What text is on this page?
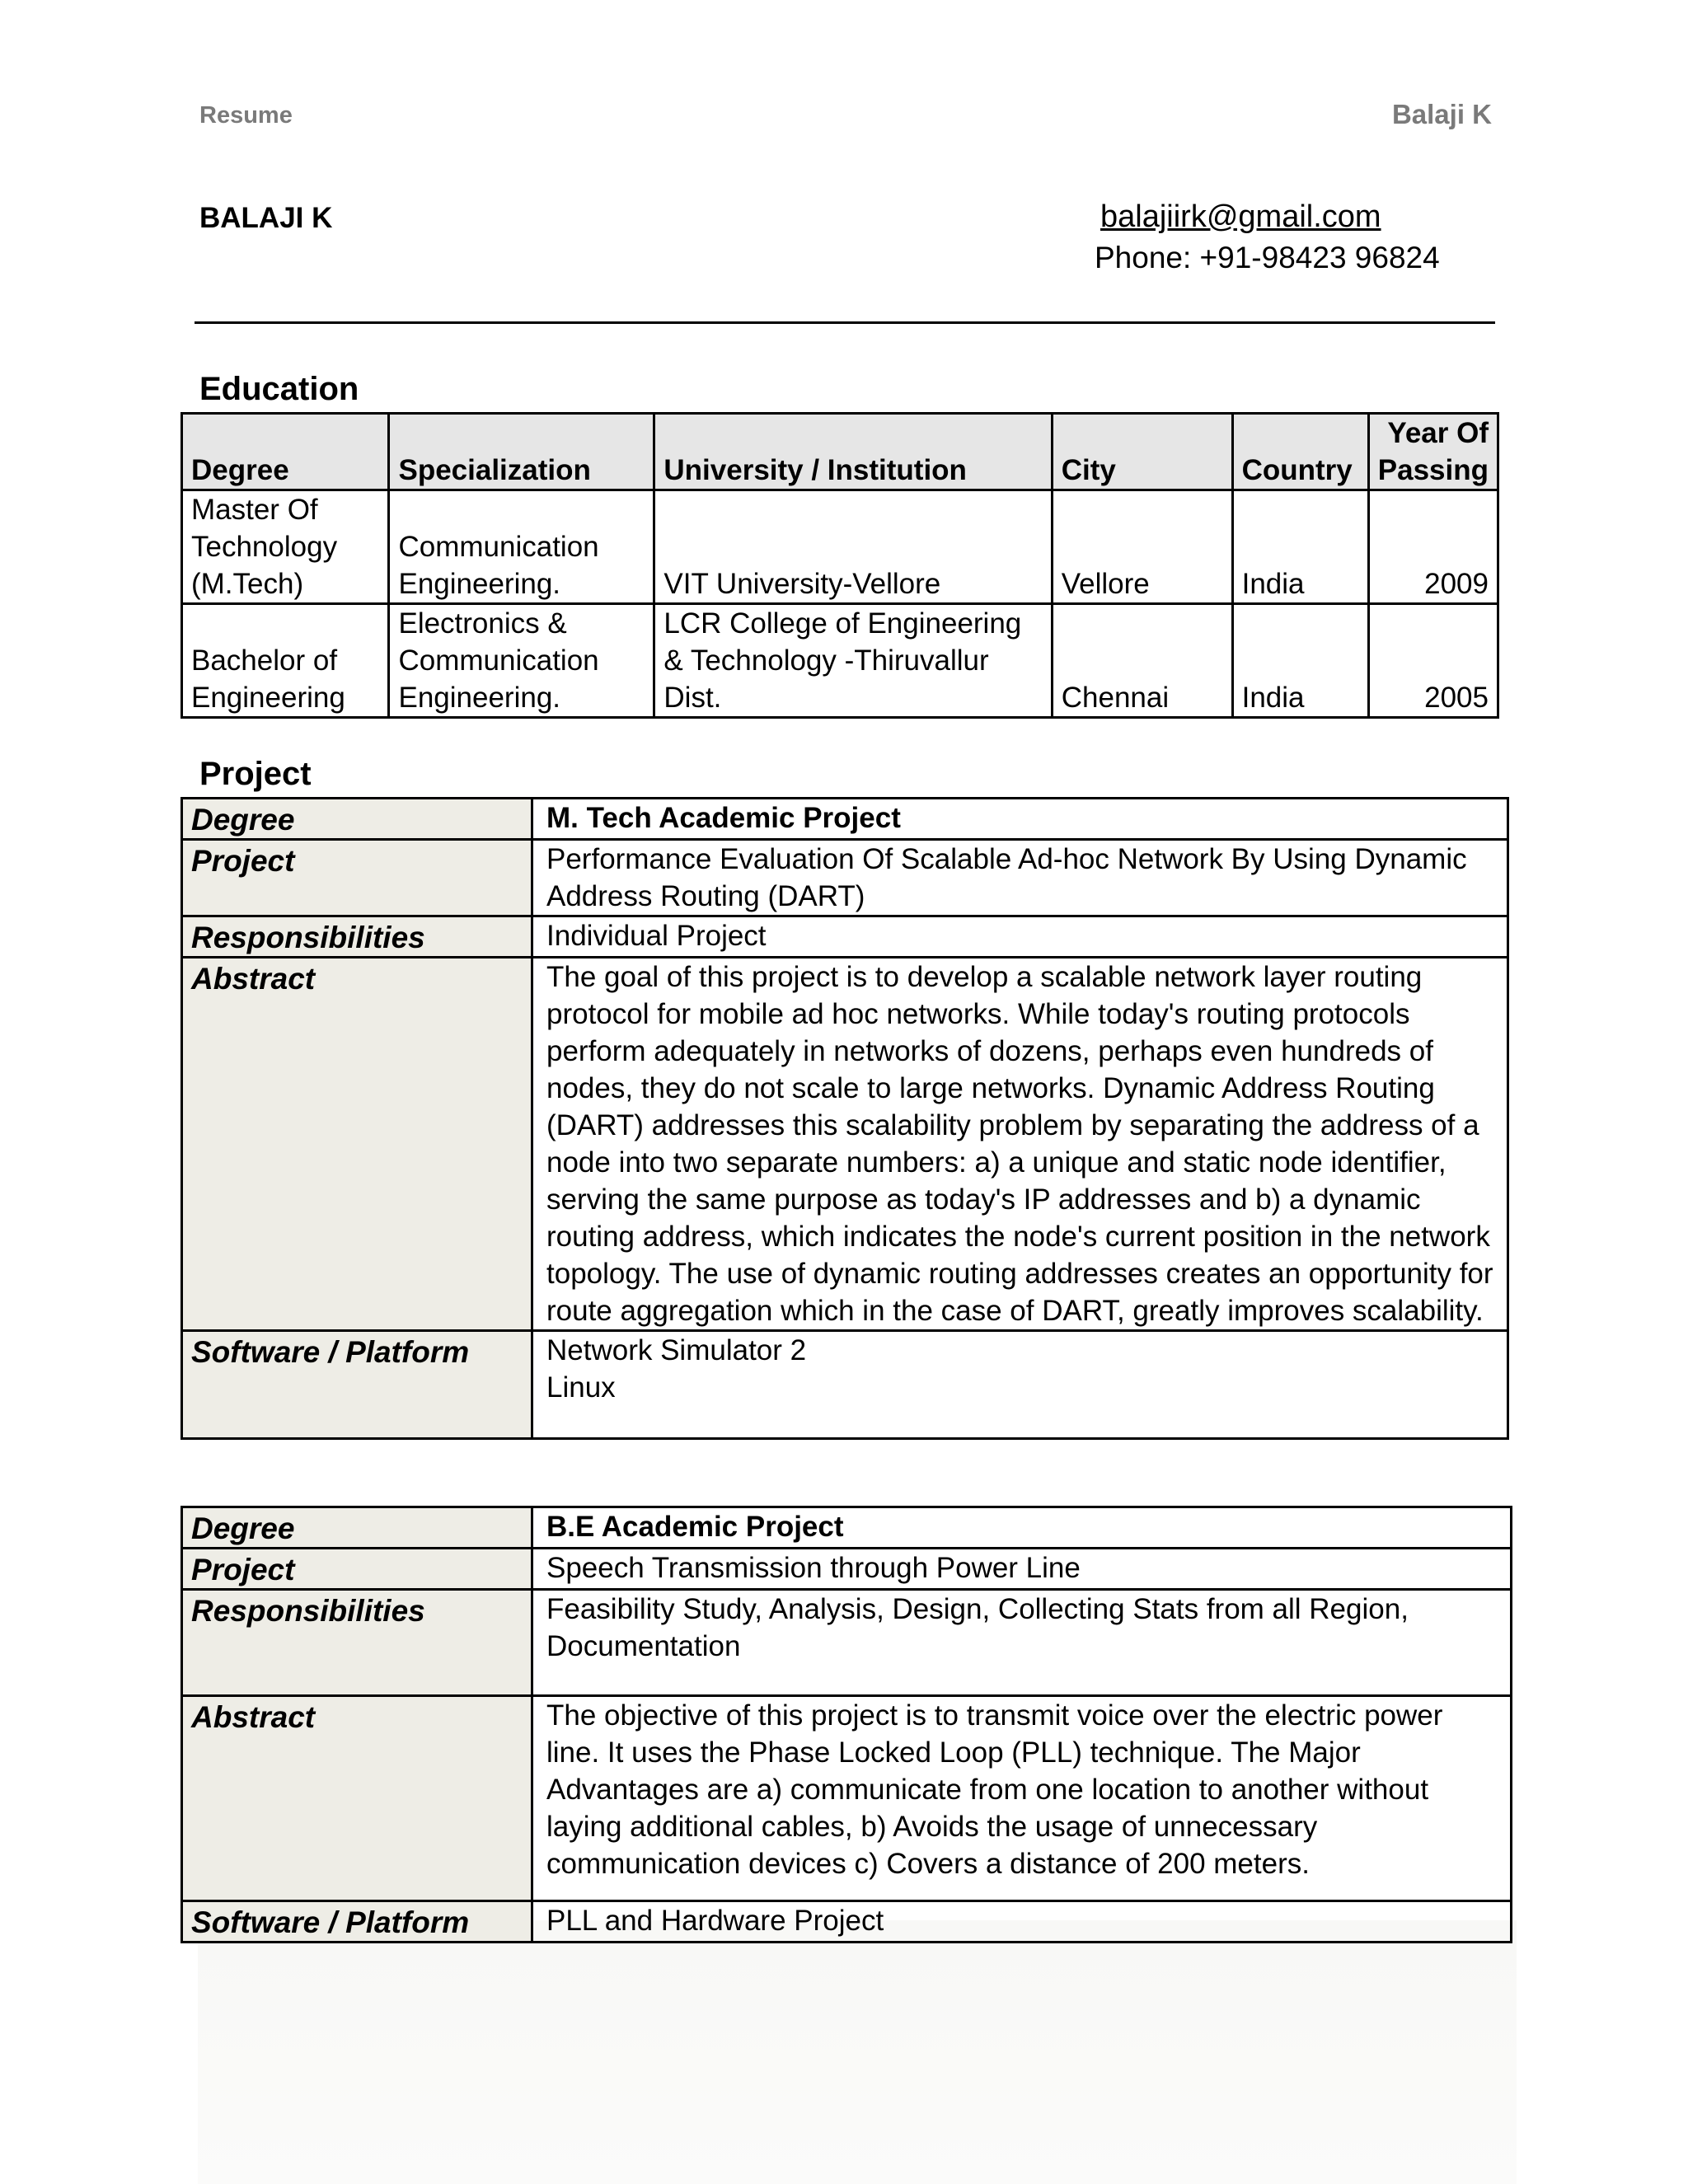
Resume	Balaji K
BALAJI K	balajiirk@gmail.com
Phone: +91-98423 96824
Education
Degree	Specialization	University / Institution	City	Country	Year Of Passing
Master Of Technology (M.Tech)	Communication Engineering.	VIT University-Vellore	Vellore	India	2009
Bachelor of Engineering	Electronics & Communication Engineering.	LCR College of Engineering & Technology -Thiruvallur Dist.	Chennai	India	2005
Project
Degree	M. Tech Academic Project
Project	Performance Evaluation Of Scalable Ad-hoc Network By Using Dynamic Address Routing (DART)
Responsibilities	Individual Project
Abstract	The goal of this project is to develop a scalable network layer routing protocol for mobile ad hoc networks. While today's routing protocols perform adequately in networks of dozens, perhaps even hundreds of nodes, they do not scale to large networks. Dynamic Address Routing (DART) addresses this scalability problem by separating the address of a node into two separate numbers: a) a unique and static node identifier, serving the same purpose as today's IP addresses and b) a dynamic routing address, which indicates the node's current position in the network topology. The use of dynamic routing addresses creates an opportunity for route aggregation which in the case of DART, greatly improves scalability.
Software / Platform	Network Simulator 2
Linux
Degree	B.E Academic Project
Project	Speech Transmission through Power Line
Responsibilities	Feasibility Study, Analysis, Design, Collecting Stats from all Region, Documentation
Abstract	The objective of this project is to transmit voice over the electric power line. It uses the Phase Locked Loop (PLL) technique. The Major Advantages are a) communicate from one location to another without laying additional cables, b) Avoids the usage of unnecessary communication devices c) Covers a distance of 200 meters.
Software / Platform	PLL and Hardware Project
